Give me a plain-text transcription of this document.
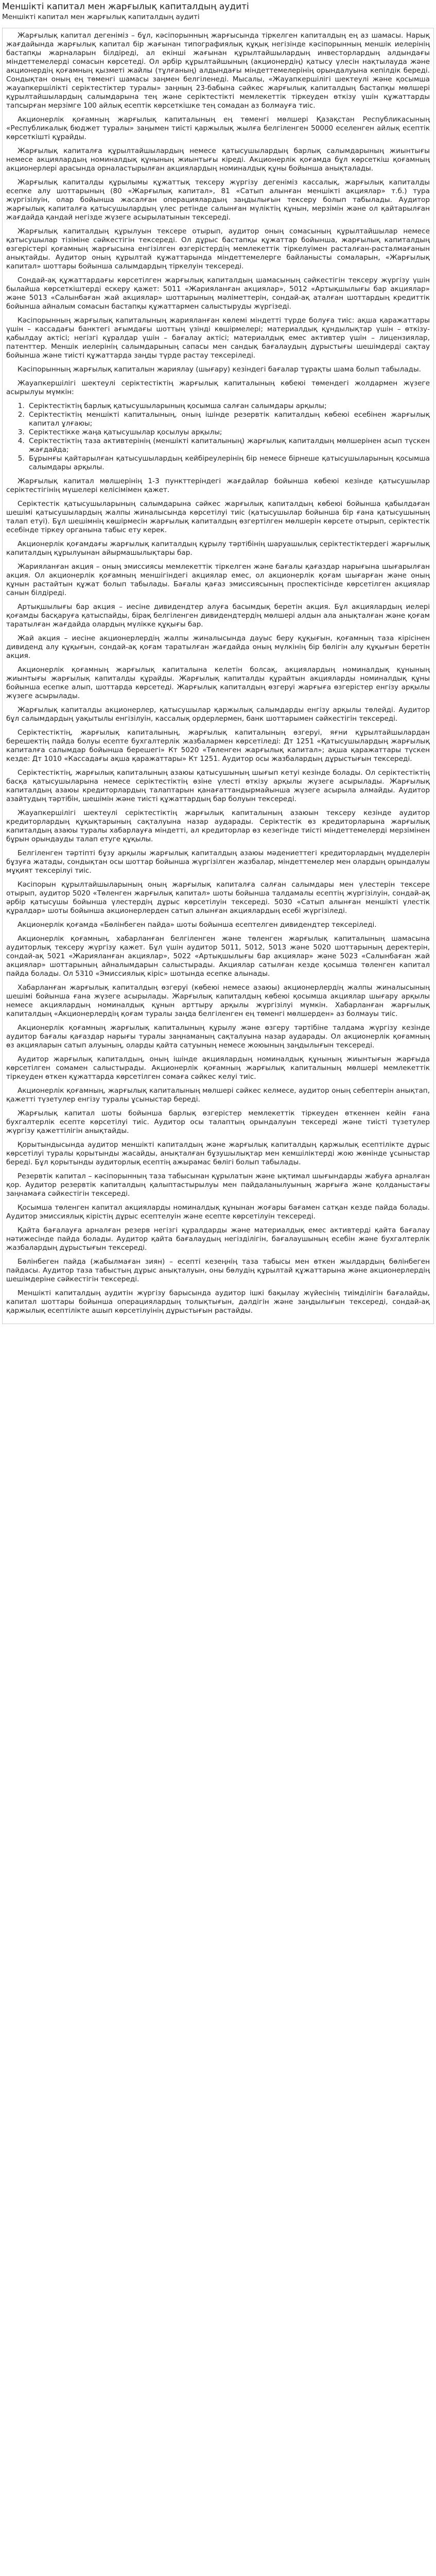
Меншікті капитал мен жарғылық капиталдың аудиті
Меншікті капитал мен жарғылық капиталдың аудиті

Жарғылық капитал дегеніміз – бұл, кәсіпорынның жарғысында тіркелген капиталдың ең аз шамасы. Нарық жағдайында жарғылық капитал бір жағынан типографиялық құқық негізінде кәсіпорынның меншік иелерінің бастапқы жарналарын білдіреді, ал екінші жағынан құрылтайшылардың инвесторлардың алдындағы міндеттемелерді сомасын көрсетеді. Ол әрбір құрылтайшының (акционердің) қатысу үлесін нақтылауда және акционердің қоғамның қызметі жайлы (тұлғаның) алдындағы міндеттемелерінің орындалуына кепілдік береді. Сондықтан оның ең төменгі шамасы заңмен белгіленеді. Мысалы, «Жауапкершілігі шектеулі және қосымша жауапкершілікті серіктестіктер туралы» заңның 23-бабына сәйкес жарғылық капиталдың бастапқы мөлшері құрылтайшылардың салымдарына тең және серіктестікті мемлекеттік тіркеуден өткізу үшін құжаттарды тапсырған мерзімге 100 айлық есептік көрсеткішке тең сомадан аз болмауға тиіс.

Акционерлік қоғамның жарғылық капиталының ең төменгі мөлшері Қазақстан Республикасының «Республикалық бюджет туралы» заңымен тиісті қаржылық жылға белгіленген 50000 еселенген айлық есептік көрсеткішті құрайды.

Жарғылық капиталға құрылтайшылардың немесе қатысушылардың барлық салымдарының жиынтығы немесе акциялардың номиналдық құнының жиынтығы кіреді. Акционерлік қоғамда бұл көрсеткіш қоғамның акционерлері арасында орналастырылған акциялардың номиналдық құны бойынша анықталады.

Жарғылық капиталды құрылымы құжаттық тексеру жүргізу дегеніміз кассалық, жарғылық капиталды есепке алу шоттарының (80 «Жарғылық капитал», 81 «Сатып алынған меншікті акциялар» т.б.) тура жүргізілуін, олар бойынша жасалған операциялардың заңдылығын тексеру болып табылады. Аудитор жарғылық капиталға қатысушылардың үлес ретінде салынған мүліктің құнын, мерзімін және ол қайтарылған жағдайда қандай негізде жүзеге асырылатынын тексереді.

Жарғылық капиталдың құрылуын тексере отырып, аудитор оның сомасының құрылтайшылар немесе қатысушылар тізіміне сәйкестігін тексереді. Ол дұрыс бастапқы құжаттар бойынша, жарғылық капиталдың өзгерістері қоғамның жарғысына енгізілген өзгерістердің мемлекеттік тіркелуімен расталған-расталмағанын анықтайды. Аудитор оның құрылтай құжаттарында міндеттемелерге байланысты сомаларын, «Жарғылық капитал» шоттары бойынша салымдардың тіркелуін тексереді.

Сондай-ақ құжаттардағы көрсетілген жарғылық капиталдың шамасының сәйкестігін тексеру жүргізу үшін былайша көрсеткіштерді ескеру қажет: 5011 «Жарияланған акциялар», 5012 «Артықшылығы бар акциялар» және 5013 «Салынбаған жай акциялар» шоттарының мәліметтерін, сондай-ақ аталған шоттардың кредиттік бойынша айналым сомасын бастапқы құжаттармен салыстыруды жүргізеді.

Кәсіпорынның жарғылық капиталының жарияланған көлемі міндетті түрде болуға тиіс: ақша қаражаттары үшін – кассадағы банктегі ағымдағы шоттың үзінді көшірмелері; материалдық құндылықтар үшін – өткізу-қабылдау актісі; негізгі құралдар үшін – бағалау актісі; материалдық емес активтер үшін – лицензиялар, патенттер. Меншік иелерінің салымдарының сапасы мен сандық бағалаудың дұрыстығы шешімдерді сақтау бойынша және тиісті құжаттарда заңды түрде растау тексеріледі.

Кәсіпорынның жарғылық капиталын жариялау (шығару) кезіндегі бағалар тұрақты шама болып табылады.

Жауапкершілігі шектеулі серіктестіктің жарғылық капиталының көбеюі төмендегі жолдармен жүзеге асырылуы мүмкін:

1. Серіктестіктің барлық қатысушыларының қосымша салған салымдары арқылы;
2. Серіктестіктің меншікті капиталының, оның ішінде резервтік капиталдың көбеюі есебінен жарғылық капитал ұлғаюы;
3. Серіктестікке жаңа қатысушылар қосылуы арқылы;
4. Серіктестіктің таза активтерінің (меншікті капиталының) жарғылық капиталдың мөлшерінен асып түскен жағдайда;
5. Бұрынғы қайтарылған қатысушылардың кейбіреулерінің бір немесе бірнеше қатысушыларының қосымша салымдары арқылы.

Жарғылық капитал мөлшерінің 1-3 пункттеріндегі жағдайлар бойынша көбеюі кезінде қатысушылар серіктестігінің мүшелері келісімімен қажет.

Серіктестік қатысушыларының салымдарына сәйкес жарғылық капиталдың көбеюі бойынша қабылдаған шешімі қатысушылардың жалпы жиналысында көрсетілуі тиіс (қатысушылар бойынша бір ғана қатысушының талап етуі). Бұл шешімнің көшірмесін жарғылық капиталдың өзгертілген мөлшерін көрсете отырып, серіктестік есебінде тіркеу органына табыс ету керек.

Акционерлік қоғамдағы жарғылық капиталдың құрылу тәртібінің шаруашылық серіктестіктердегі жарғылық капиталдың құрылуынан айырмашылықтары бар.

Жарияланған акция – оның эмиссиясы мемлекеттік тіркелген және бағалы қағаздар нарығына шығарылған акция. Ол акционерлік қоғамның меншігіндегі акциялар емес, ол акционерлік қоғам шығарған және оның құнын растайтын құжат болып табылады. Бағалы қағаз эмиссиясының проспектісінде көрсетілген акциялар санын білдіреді.

Артықшылығы бар акция – иесіне дивидендтер алуға басымдық беретін акция. Бұл акциялардың иелері қоғамды басқаруға қатыспайды, бірақ белгіленген дивидендтердің мөлшері алдын ала анықталған және қоғам таратылған жағдайда олардың мүлікке құқығы бар.

Жай акция – иесіне акционерлердің жалпы жиналысында дауыс беру құқығын, қоғамның таза кірісінен дивиденд алу құқығын, сондай-ақ қоғам таратылған жағдайда оның мүлкінің бір бөлігін алу құқығын беретін акция.

Акционерлік қоғамның жарғылық капиталына келетін болсақ, акциялардың номиналдық құнының жиынтығы жарғылық капиталды құрайды. Жарғылық капиталды құрайтын акцияларды номиналдық құны бойынша есепке алып, шоттарда көрсетеді. Жарғылық капиталдың өзгеруі жарғыға өзгерістер енгізу арқылы жүзеге асырылады.

Жарғылық капиталды акционерлер, қатысушылар қаржылық салымдарды енгізу арқылы төлейді. Аудитор бұл салымдардың уақытылы енгізілуін, кассалық ордерлермен, банк шоттарымен сәйкестігін тексереді.

Серіктестіктің, жарғылық капиталының, жарғылық капиталының өзгеруі, яғни құрылтайшылардан берешектің пайда болуы есепте бухгалтерлік жазбалармен көрсетіледі: Дт 1251 «Қатысушылардың жарғылық капиталға салымдар бойынша берешегі» Кт 5020 «Төленген жарғылық капитал»; ақша қаражаттары түскен кезде: Дт 1010 «Кассадағы ақша қаражаттары» Кт 1251. Аудитор осы жазбалардың дұрыстығын тексереді.

Серіктестіктің, жарғылық капиталының азаюы қатысушының шығып кетуі кезінде болады. Ол серіктестіктің басқа қатысушыларына немесе серіктестіктің өзіне үлесті өткізу арқылы жүзеге асырылады. Жарғылық капиталдың азаюы кредиторлардың талаптарын қанағаттандырмайынша жүзеге асырыла алмайды. Аудитор азайтудың тәртібін, шешімін және тиісті құжаттардың бар болуын тексереді.

Жауапкершілігі шектеулі серіктестіктің жарғылық капиталының азаюын тексеру кезінде аудитор кредиторлардың құқықтарының сақталуына назар аударады. Серіктестік өз кредиторларына жарғылық капиталдың азаюы туралы хабарлауға міндетті, ал кредиторлар өз кезегінде тиісті міндеттемелерді мерзімінен бұрын орындауды талап етуге құқылы.

Белгіленген тәртіпті бұзу арқылы жарғылық капиталдың азаюы мәдениеттегі кредиторлардың мүдделерін бұзуға жатады, сондықтан осы шоттар бойынша жүргізілген жазбалар, міндеттемелер мен олардың орындалуы мұқият тексерілуі тиіс.

Кәсіпорын құрылтайшыларының оның жарғылық капиталға салған салымдары мен үлестерін тексере отырып, аудитор 5020 «Төленген жарғылық капитал» шоты бойынша талдамалы есептің жүргізілуін, сондай-ақ әрбір қатысушы бойынша үлестердің дұрыс көрсетілуін тексереді. 5030 «Сатып алынған меншікті үлестік құралдар» шоты бойынша акционерлерден сатып алынған акциялардың есебі жүргізіледі.

Акционерлік қоғамда «Бөлінбеген пайда» шоты бойынша есептелген дивидендтер тексеріледі.

Акционерлік қоғамның, хабарланған белгіленген және төленген жарғылық капиталының шамасына аудиторлық тексеру жүргізу қажет. Бұл үшін аудитор 5011, 5012, 5013 және 5020 шоттарының деректерін, сондай-ақ 5021 «Жарияланған акциялар», 5022 «Артықшылығы бар акциялар» және 5023 «Салынбаған жай акциялар» шоттарының айналымдарын салыстырады. Акциялар сатылған кезде қосымша төленген капитал пайда болады. Ол 5310 «Эмиссиялық кіріс» шотында есепке алынады.

Хабарланған жарғылық капиталдың өзгеруі (көбеюі немесе азаюы) акционерлердің жалпы жиналысының шешімі бойынша ғана жүзеге асырылады. Жарғылық капиталдың көбеюі қосымша акциялар шығару арқылы немесе акциялардың номиналдық құнын арттыру арқылы жүргізілуі мүмкін. Хабарланған жарғылық капиталдың «Акционерлердің қоғам туралы заңда белгіленген ең төменгі мөлшерден» аз болмауы тиіс.

Акционерлік қоғамның жарғылық капиталының құрылу және өзгеру тәртібіне талдама жүргізу кезінде аудитор бағалы қағаздар нарығы туралы заңнаманың сақталуына назар аударады. Ол акционерлік қоғамның өз акцияларын сатып алуының, оларды қайта сатуының немесе жоюының заңдылығын тексереді.

Аудитор жарғылық капиталдың, оның ішінде акциялардың номиналдық құнының жиынтығын жарғыда көрсетілген сомамен салыстырады. Акционерлік қоғамның жарғылық капиталының мөлшері мемлекеттік тіркеуден өткен құжаттарда көрсетілген сомаға сәйкес келуі тиіс.

Акционерлік қоғамның, жарғылық капиталының мөлшері сәйкес келмесе, аудитор оның себептерін анықтап, қажетті түзетулер енгізу туралы ұсыныстар береді.

Жарғылық капитал шоты бойынша барлық өзгерістер мемлекеттік тіркеуден өткеннен кейін ғана бухгалтерлік есепте көрсетілуі тиіс. Аудитор осы талаптың орындалуын тексереді және тиісті түзетулер жүргізу қажеттілігін анықтайды.

Қорытындысында аудитор меншікті капиталдың және жарғылық капиталдың қаржылық есептілікте дұрыс көрсетілуі туралы қорытынды жасайды, анықталған бұзушылықтар мен кемшіліктерді жою жөнінде ұсыныстар береді. Бұл қорытынды аудиторлық есептің ажырамас бөлігі болып табылады.

Резервтік капитал – кәсіпорынның таза табысынан құрылатын және ықтимал шығындарды жабуға арналған қор. Аудитор резервтік капиталдың қалыптастырылуы мен пайдаланылуының жарғыға және қолданыстағы заңнамаға сәйкестігін тексереді.

Қосымша төленген капитал акцияларды номиналдық құнынан жоғары бағамен сатқан кезде пайда болады. Аудитор эмиссиялық кірістің дұрыс есептелуін және есепте көрсетілуін тексереді.

Қайта бағалауға арналған резерв негізгі құралдарды және материалдық емес активтерді қайта бағалау нәтижесінде пайда болады. Аудитор қайта бағалаудың негізділігін, бағалаушының есебін және бухгалтерлік жазбалардың дұрыстығын тексереді.

Бөлінбеген пайда (жабылмаған зиян) – есепті кезеңнің таза табысы мен өткен жылдардың бөлінбеген пайдасы. Аудитор таза табыстың дұрыс анықталуын, оны бөлудің құрылтай құжаттарына және акционерлердің шешімдеріне сәйкестігін тексереді.

Меншікті капиталдың аудитін жүргізу барысында аудитор ішкі бақылау жүйесінің тиімділігін бағалайды, капитал шоттары бойынша операциялардың толықтығын, дәлдігін және заңдылығын тексереді, сондай-ақ қаржылық есептілікте ашып көрсетілуінің дұрыстығын растайды.
